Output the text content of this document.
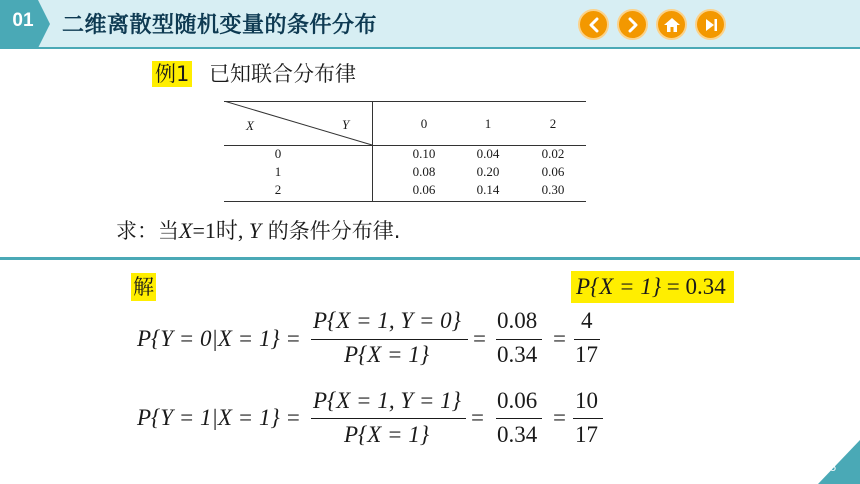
01 二维离散型随机变量的条件分布
例1 已知联合分布律
X	Y	0	1	2
0	0.10	0.04	0.02
1	0.08	0.20	0.06
2	0.06	0.14	0.30
求：当X=1时, Y 的条件分布律.
解	P{X = 1} = 0.34
P{Y = 0|X = 1} =
P{X = 1, Y = 0}
P{X = 1}
=
0.08
0.34
=
4
17
P{Y = 1|X = 1} =
P{X = 1, Y = 1}
P{X = 1}
=
0.06
0.34
=
10
17
5
